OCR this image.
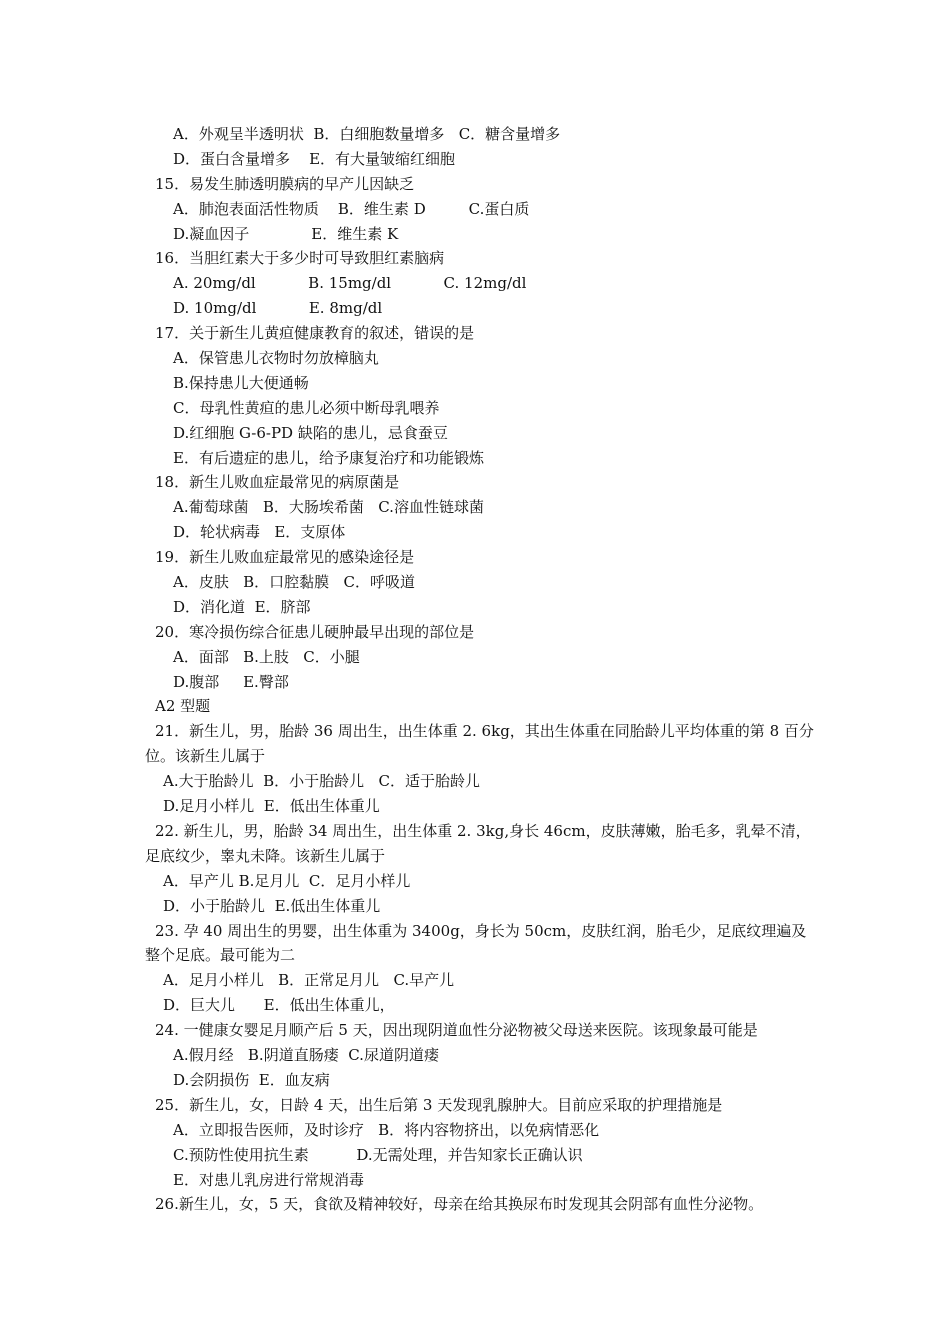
A．外观呈半透明状  B．白细胞数量增多   C．糖含量增多
D．蛋白含量增多    E．有大量皱缩红细胞
15．易发生肺透明膜病的早产儿因缺乏
A．肺泡表面活性物质    B．维生素 D         C.蛋白质
D.凝血因子             E．维生素 K
16．当胆红素大于多少时可导致胆红素脑病
A. 20mg/dl           B. 15mg/dl           C. 12mg/dl
D. 10mg/dl           E. 8mg/dl
17．关于新生儿黄疸健康教育的叙述，错误的是
A．保管患儿衣物时勿放樟脑丸
B.保持患儿大便通畅
C．母乳性黄疸的患儿必须中断母乳喂养
D.红细胞 G-6-PD 缺陷的患儿，忌食蚕豆
E．有后遗症的患儿，给予康复治疗和功能锻炼
18．新生儿败血症最常见的病原菌是
A.葡萄球菌   B．大肠埃希菌   C.溶血性链球菌
D．轮状病毒   E．支原体
19．新生儿败血症最常见的感染途径是
A．皮肤   B．口腔黏膜   C．呼吸道
D．消化道  E．脐部
20．寒冷损伤综合征患儿硬肿最早出现的部位是
A．面部   B.上肢   C．小腿
D.腹部     E.臀部
A2 型题
21．新生儿，男，胎龄 36 周出生，出生体重 2. 6kg，其出生体重在同胎龄儿平均体重的第 8 百分位。该新生儿属于
A.大于胎龄儿  B．小于胎龄儿   C．适于胎龄儿
D.足月小样儿  E．低出生体重儿
22. 新生儿，男，胎龄 34 周出生，出生体重 2. 3kg,身长 46cm，皮肤薄嫩，胎毛多，乳晕不清，足底纹少，睾丸未降。该新生儿属于
A．早产儿 B.足月儿  C．足月小样儿
D．小于胎龄儿  E.低出生体重儿
23. 孕 40 周出生的男婴，出生体重为 3400g，身长为 50cm，皮肤红润，胎毛少，足底纹理遍及整个足底。最可能为二
A．足月小样儿   B．正常足月儿   C.早产儿
D．巨大儿      E．低出生体重儿，
24. 一健康女婴足月顺产后 5 天，因出现阴道血性分泌物被父母送来医院。该现象最可能是
A.假月经   B.阴道直肠瘘  C.尿道阴道瘘
D.会阴损伤  E．血友病
25．新生儿，女，日龄 4 天，出生后第 3 天发现乳腺肿大。目前应采取的护理措施是
A．立即报告医师，及时诊疗   B．将内容物挤出，以免病情恶化
C.预防性使用抗生素          D.无需处理，并告知家长正确认识
E．对患儿乳房进行常规消毒
26.新生儿，女，5 天，食欲及精神较好，母亲在给其换尿布时发现其会阴部有血性分泌物。
